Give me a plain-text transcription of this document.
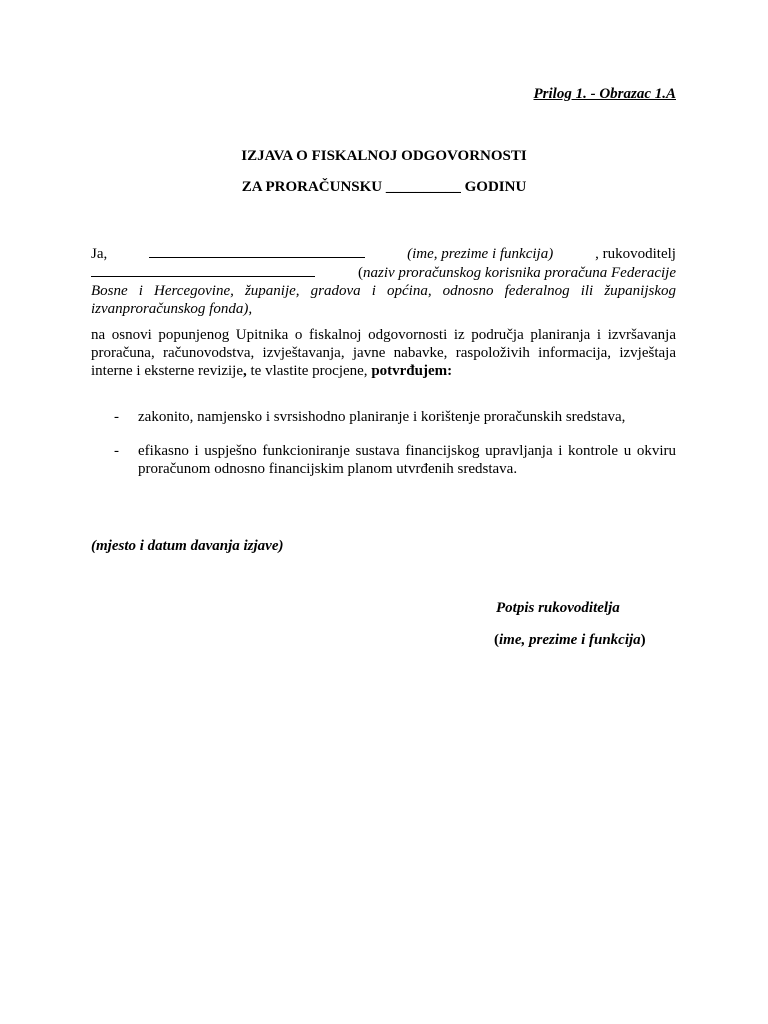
Prilog 1. - Obrazac 1.A
IZJAVA O FISKALNOJ ODGOVORNOSTI
ZA PRORAČUNSKU __________ GODINU
Ja,	(ime, prezime i funkcija)	, rukovoditelj
(naziv proračunskog korisnika proračuna Federacije
Bosne i Hercegovine, županije, gradova i općina, odnosno federalnog ili županijskog
izvanproračunskog fonda),
na osnovi popunjenog Upitnika o fiskalnoj odgovornosti iz područja planiranja i izvršavanja proračuna, računovodstva, izvještavanja, javne nabavke, raspoloživih informacija, izvještaja interne i eksterne revizije, te vlastite procjene, potvrđujem:
- zakonito, namjensko i svrsishodno planiranje i korištenje proračunskih sredstava,
- efikasno i uspješno funkcioniranje sustava financijskog upravljanja i kontrole u okviru proračunom odnosno financijskim planom utvrđenih sredstava.
(mjesto i datum davanja izjave)
Potpis rukovoditelja
(ime, prezime i funkcija)
